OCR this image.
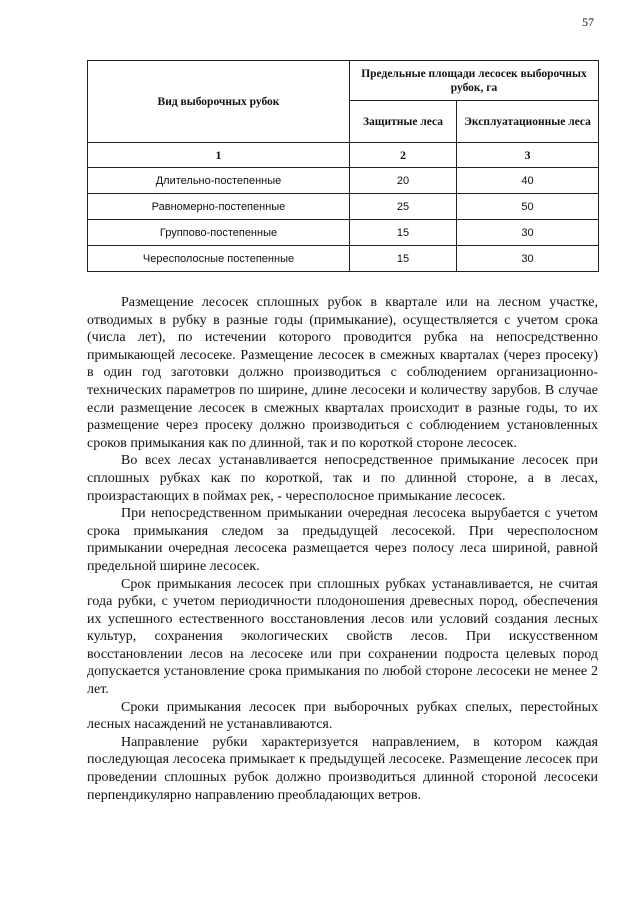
57
Вид выборочных рубок	Предельные площади лесосек выборочных рубок, га	
	Защитные леса	Эксплуатационные леса
1	2	3
Длительно-постепенные	20	40
Равномерно-постепенные	25	50
Группово-постепенные	15	30
Чересполосные постепенные	15	30

Размещение лесосек сплошных рубок в квартале или на лесном участке, отводимых в рубку в разные годы (примыкание), осуществляется с учетом срока (числа лет), по истечении которого проводится рубка на непосредственно примыкающей лесосеке. Размещение лесосек в смежных кварталах (через просеку) в один год заготовки должно производиться с соблюдением организационно-технических параметров по ширине, длине лесосеки и количеству зарубов. В случае если размещение лесосек в смежных кварталах происходит в разные годы, то их размещение через просеку должно производиться с соблюдением установленных сроков примыкания как по длинной, так и по короткой стороне лесосек.

Во всех лесах устанавливается непосредственное примыкание лесосек при сплошных рубках как по короткой, так и по длинной стороне, а в лесах, произрастающих в поймах рек, - чересполосное примыкание лесосек.

При непосредственном примыкании очередная лесосека вырубается с учетом срока примыкания следом за предыдущей лесосекой. При чересполосном примыкании очередная лесосека размещается через полосу леса шириной, равной предельной ширине лесосек.

Срок примыкания лесосек при сплошных рубках устанавливается, не считая года рубки, с учетом периодичности плодоношения древесных пород, обеспечения их успешного естественного восстановления лесов или условий создания лесных культур, сохранения экологических свойств лесов. При искусственном восстановлении лесов на лесосеке или при сохранении подроста целевых пород допускается установление срока примыкания по любой стороне лесосеки не менее 2 лет.

Сроки примыкания лесосек при выборочных рубках спелых, перестойных лесных насаждений не устанавливаются.

Направление рубки характеризуется направлением, в котором каждая последующая лесосека примыкает к предыдущей лесосеке. Размещение лесосек при проведении сплошных рубок должно производиться длинной стороной лесосеки перпендикулярно направлению преобладающих ветров.
